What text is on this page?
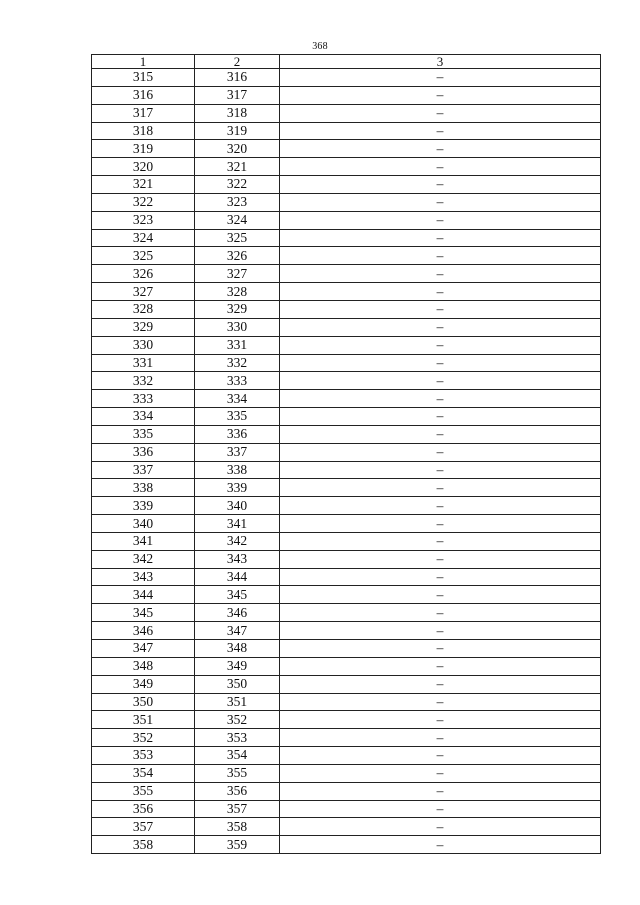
368
1	2	3
315	316	–
316	317	–
317	318	–
318	319	–
319	320	–
320	321	–
321	322	–
322	323	–
323	324	–
324	325	–
325	326	–
326	327	–
327	328	–
328	329	–
329	330	–
330	331	–
331	332	–
332	333	–
333	334	–
334	335	–
335	336	–
336	337	–
337	338	–
338	339	–
339	340	–
340	341	–
341	342	–
342	343	–
343	344	–
344	345	–
345	346	–
346	347	–
347	348	–
348	349	–
349	350	–
350	351	–
351	352	–
352	353	–
353	354	–
354	355	–
355	356	–
356	357	–
357	358	–
358	359	–
